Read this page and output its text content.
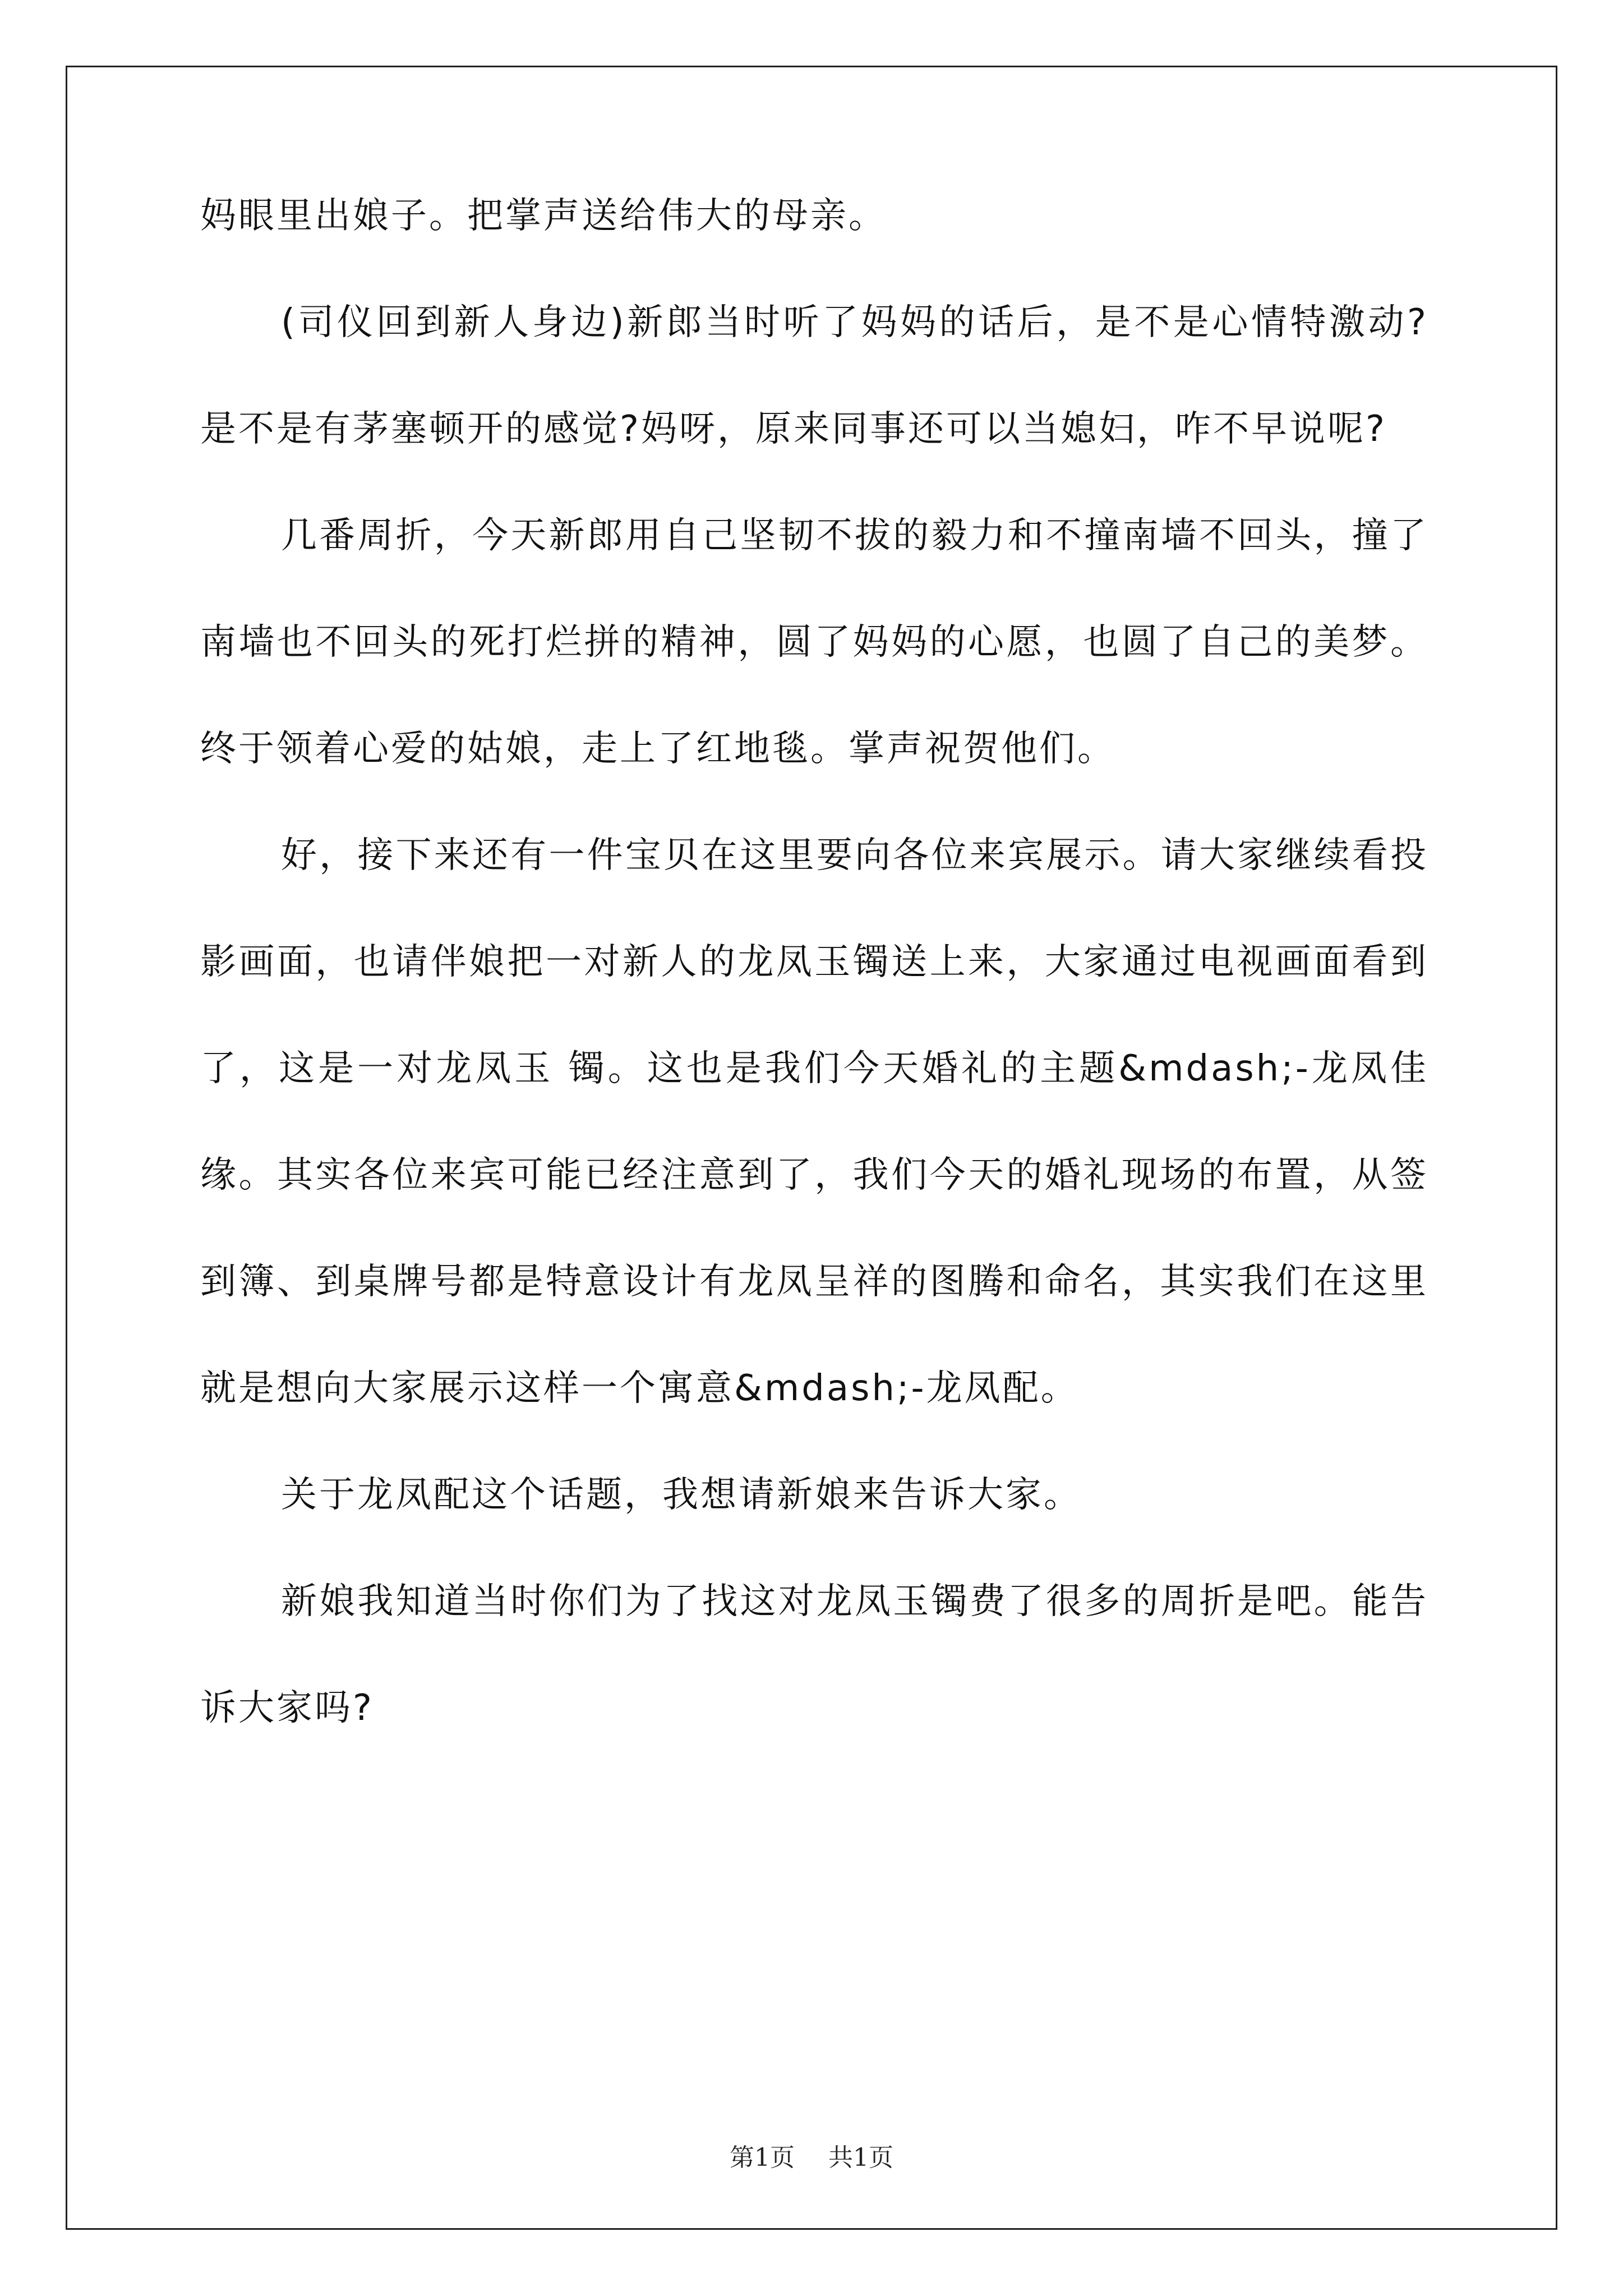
妈眼里出娘子。把掌声送给伟大的母亲。

(司仪回到新人身边)新郎当时听了妈妈的话后，是不是心情特激动?是不是有茅塞顿开的感觉?妈呀，原来同事还可以当媳妇，咋不早说呢?

几番周折，今天新郎用自己坚韧不拔的毅力和不撞南墙不回头，撞了南墙也不回头的死打烂拼的精神，圆了妈妈的心愿，也圆了自己的美梦。终于领着心爱的姑娘，走上了红地毯。掌声祝贺他们。

好，接下来还有一件宝贝在这里要向各位来宾展示。请大家继续看投影画面，也请伴娘把一对新人的龙凤玉镯送上来，大家通过电视画面看到了，这是一对龙凤玉 镯。这也是我们今天婚礼的主题&mdash;-龙凤佳缘。其实各位来宾可能已经注意到了，我们今天的婚礼现场的布置，从签到簿、到桌牌号都是特意设计有龙凤呈祥的图腾和命名，其实我们在这里就是想向大家展示这样一个寓意&mdash;-龙凤配。

关于龙凤配这个话题，我想请新娘来告诉大家。

新娘我知道当时你们为了找这对龙凤玉镯费了很多的周折是吧。能告诉大家吗?

第1页 共1页
